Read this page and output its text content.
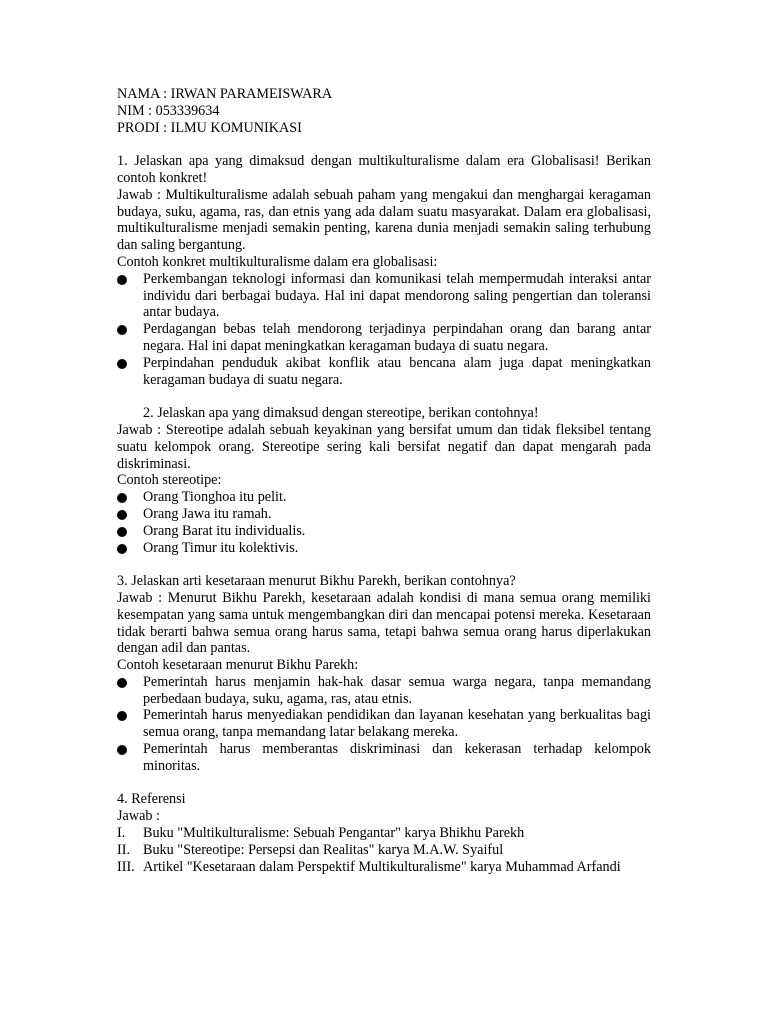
NAMA : IRWAN PARAMEISWARA

NIM : 053339634

PRODI : ILMU KOMUNIKASI

1. Jelaskan apa yang dimaksud dengan multikulturalisme dalam era Globalisasi! Berikan contoh konkret!

Jawab : Multikulturalisme adalah sebuah paham yang mengakui dan menghargai keragaman budaya, suku, agama, ras, dan etnis yang ada dalam suatu masyarakat. Dalam era globalisasi, multikulturalisme menjadi semakin penting, karena dunia menjadi semakin saling terhubung dan saling bergantung.

Contoh konkret multikulturalisme dalam era globalisasi:

Perkembangan teknologi informasi dan komunikasi telah mempermudah interaksi antar individu dari berbagai budaya. Hal ini dapat mendorong saling pengertian dan toleransi antar budaya.
Perdagangan bebas telah mendorong terjadinya perpindahan orang dan barang antar negara. Hal ini dapat meningkatkan keragaman budaya di suatu negara.
Perpindahan penduduk akibat konflik atau bencana alam juga dapat meningkatkan keragaman budaya di suatu negara.

2. Jelaskan apa yang dimaksud dengan stereotipe, berikan contohnya!

Jawab : Stereotipe adalah sebuah keyakinan yang bersifat umum dan tidak fleksibel tentang suatu kelompok orang. Stereotipe sering kali bersifat negatif dan dapat mengarah pada diskriminasi.

Contoh stereotipe:

Orang Tionghoa itu pelit.
Orang Jawa itu ramah.
Orang Barat itu individualis.
Orang Timur itu kolektivis.

3. Jelaskan arti kesetaraan menurut Bikhu Parekh, berikan contohnya?

Jawab : Menurut Bikhu Parekh, kesetaraan adalah kondisi di mana semua orang memiliki kesempatan yang sama untuk mengembangkan diri dan mencapai potensi mereka. Kesetaraan tidak berarti bahwa semua orang harus sama, tetapi bahwa semua orang harus diperlakukan dengan adil dan pantas.

Contoh kesetaraan menurut Bikhu Parekh:

Pemerintah harus menjamin hak-hak dasar semua warga negara, tanpa memandang perbedaan budaya, suku, agama, ras, atau etnis.
Pemerintah harus menyediakan pendidikan dan layanan kesehatan yang berkualitas bagi semua orang, tanpa memandang latar belakang mereka.
Pemerintah harus memberantas diskriminasi dan kekerasan terhadap kelompok minoritas.

4. Referensi

Jawab :

I. Buku "Multikulturalisme: Sebuah Pengantar" karya Bhikhu Parekh
II. Buku "Stereotipe: Persepsi dan Realitas" karya M.A.W. Syaiful
III. Artikel "Kesetaraan dalam Perspektif Multikulturalisme" karya Muhammad Arfandi
